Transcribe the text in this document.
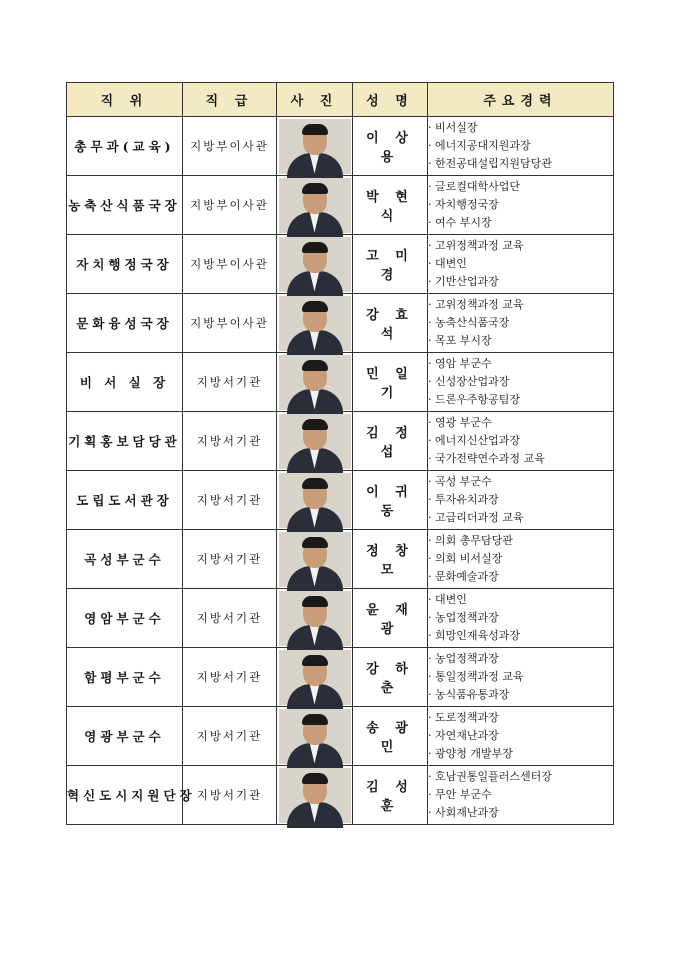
직 위	직 급	사 진	성 명	주요경력
총무과(교육)	지방부이사관		이 상 용	· 비서실장
· 에너지공대지원과장
· 한전공대설립지원담당관

농축산식품국장	지방부이사관		박 현 식	· 글로컬대학사업단
· 자치행정국장
· 여수 부시장

자치행정국장	지방부이사관		고 미 경	· 고위정책과정 교육
· 대변인
· 기반산업과장

문화융성국장	지방부이사관		강 효 석	· 고위정책과정 교육
· 농축산식품국장
· 목포 부시장

비 서 실 장	지방서기관		민 일 기	· 영암 부군수
· 신성장산업과장
· 드론우주항공팀장

기획홍보담당관	지방서기관		김 정 섭	· 영광 부군수
· 에너지신산업과장
· 국가전략연수과정 교육

도립도서관장	지방서기관		이 귀 동	· 곡성 부군수
· 투자유치과장
· 고급리더과정 교육

곡성부군수	지방서기관		정 창 모	· 의회 총무담당관
· 의회 비서실장
· 문화예술과장

영암부군수	지방서기관		윤 재 광	· 대변인
· 농업정책과장
· 희망인재육성과장

함평부군수	지방서기관		강 하 춘	· 농업정책과장
· 통일정책과정 교육
· 농식품유통과장

영광부군수	지방서기관		송 광 민	· 도로정책과장
· 자연재난과장
· 광양청 개발부장

혁신도시지원단장	지방서기관		김 성 훈	· 호남권통일플러스센터장
· 무안 부군수
· 사회재난과장
